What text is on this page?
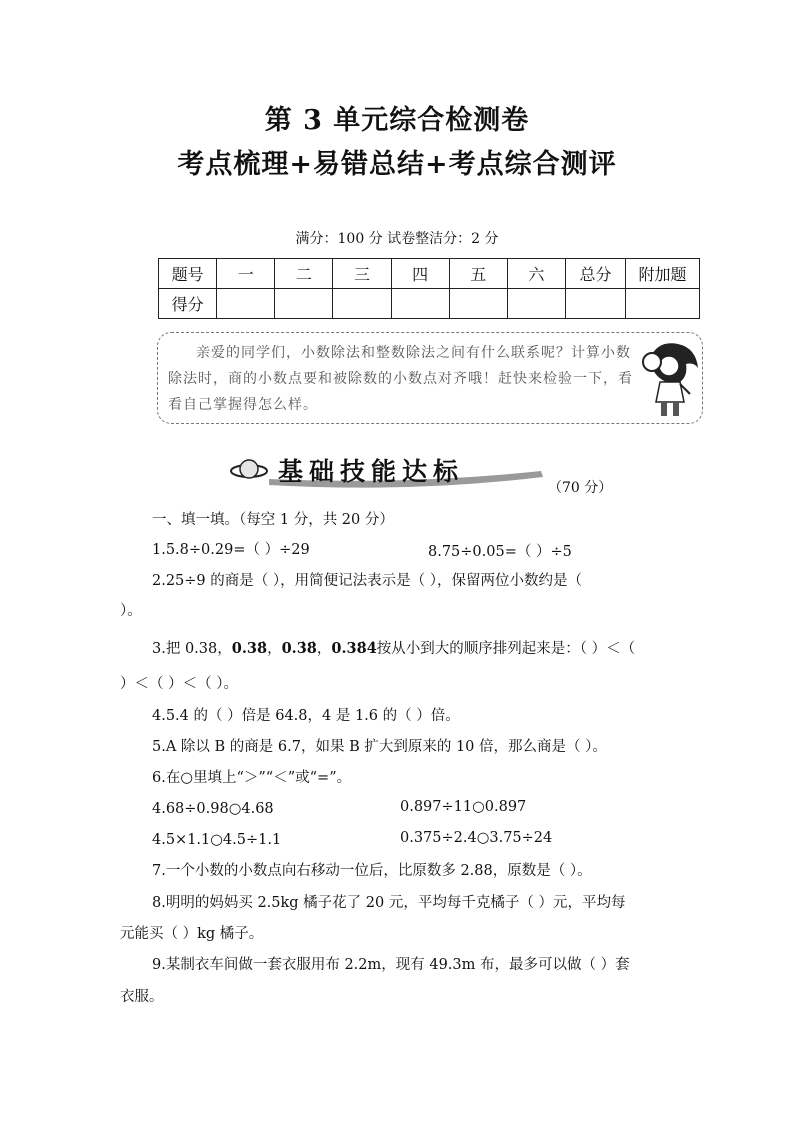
第 3 单元综合检测卷
考点梳理+易错总结+考点综合测评
满分：100 分 试卷整洁分：2 分
题号	一	二	三	四	五	六	总分	附加题
得分								
亲爱的同学们，小数除法和整数除法之间有什么联系呢？计算小数除法时，商的小数点要和被除数的小数点对齐哦！赶快来检验一下，看看自己掌握得怎么样。
基础技能达标
（70 分）
一、填一填。（每空 1 分，共 20 分）
1.5.8÷0.29=（ ）÷29	8.75÷0.05=（ ）÷5
2.25÷9 的商是（ ），用简便记法表示是（ ），保留两位小数约是（
）。
3.把 0.38，0.38̇，0.3̇8̇，0.38̇4̇按从小到大的顺序排列起来是：（ ）＜（
）＜（ ）＜（ ）。
4.5.4 的（ ）倍是 64.8，4 是 1.6 的（ ）倍。
5.A 除以 B 的商是 6.7，如果 B 扩大到原来的 10 倍，那么商是（ ）。
6.在○里填上“＞”“＜”或“=”。
4.68÷0.98○4.68	0.897÷11○0.897
4.5×1.1○4.5÷1.1	0.375÷2.4○3.75÷24
7.一个小数的小数点向右移动一位后，比原数多 2.88，原数是（ ）。
8.明明的妈妈买 2.5kg 橘子花了 20 元，平均每千克橘子（ ）元，平均每
元能买（ ）kg 橘子。
9.某制衣车间做一套衣服用布 2.2m，现有 49.3m 布，最多可以做（ ）套
衣服。
